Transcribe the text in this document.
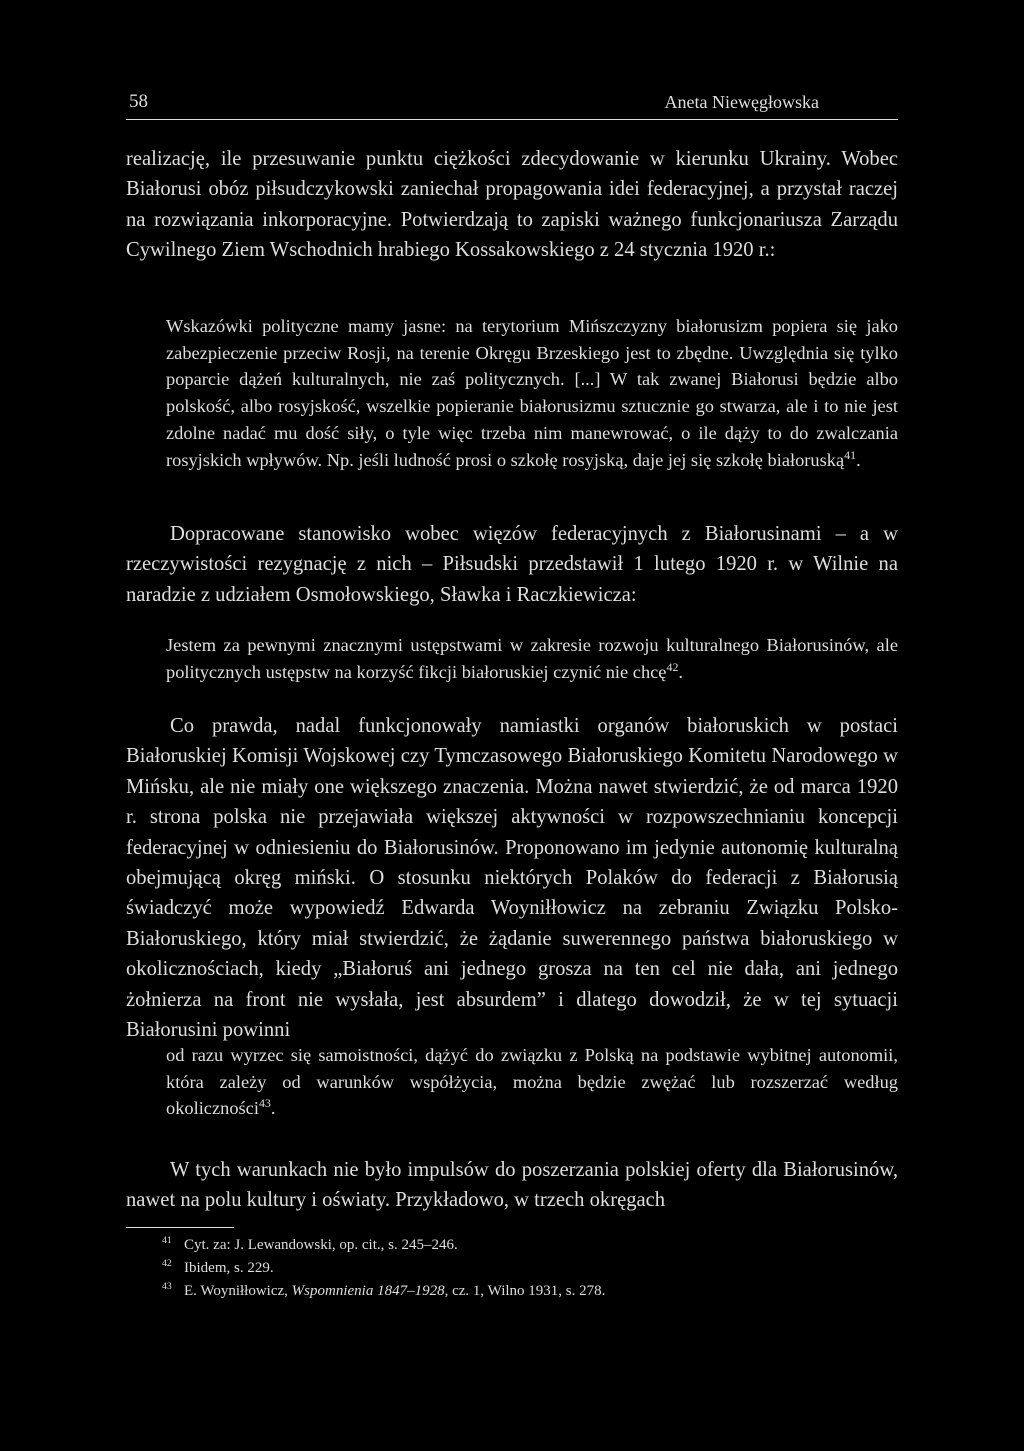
58	Aneta Niewęgłowska
realizację, ile przesuwanie punktu ciężkości zdecydowanie w kierunku Ukrainy. Wobec Białorusi obóz piłsudczykowski zaniechał propagowania idei federacyjnej, a przystał raczej na rozwiązania inkorporacyjne. Potwierdzają to zapiski ważnego funkcjonariusza Zarządu Cywilnego Ziem Wschodnich hrabiego Kossakowskiego z 24 stycznia 1920 r.:
Wskazówki polityczne mamy jasne: na terytorium Mińszczyzny białorusizm popiera się jako zabezpieczenie przeciw Rosji, na terenie Okręgu Brzeskiego jest to zbędne. Uwzględnia się tylko poparcie dążeń kulturalnych, nie zaś politycznych. [...] W tak zwanej Białorusi będzie albo polskość, albo rosyjskość, wszelkie popieranie białorusizmu sztucznie go stwarza, ale i to nie jest zdolne nadać mu dość siły, o tyle więc trzeba nim manewrować, o ile dąży to do zwalczania rosyjskich wpływów. Np. jeśli ludność prosi o szkołę rosyjską, daje jej się szkołę białoruską$^{41}$.
Dopracowane stanowisko wobec więzów federacyjnych z Białorusinami – a w rzeczywistości rezygnację z nich – Piłsudski przedstawił 1 lutego 1920 r. w Wilnie na naradzie z udziałem Osmołowskiego, Sławka i Raczkiewicza:
Jestem za pewnymi znacznymi ustępstwami w zakresie rozwoju kulturalnego Białorusinów, ale politycznych ustępstw na korzyść fikcji białoruskiej czynić nie chcę$^{42}$.
Co prawda, nadal funkcjonowały namiastki organów białoruskich w postaci Białoruskiej Komisji Wojskowej czy Tymczasowego Białoruskiego Komitetu Narodowego w Mińsku, ale nie miały one większego znaczenia. Można nawet stwierdzić, że od marca 1920 r. strona polska nie przejawiała większej aktywności w rozpowszechnianiu koncepcji federacyjnej w odniesieniu do Białorusinów. Proponowano im jedynie autonomię kulturalną obejmującą okręg miński. O stosunku niektórych Polaków do federacji z Białorusią świadczyć może wypowiedź Edwarda Woyniłłowicz na zebraniu Związku Polsko-Białoruskiego, który miał stwierdzić, że żądanie suwerennego państwa białoruskiego w okolicznościach, kiedy „Białoruś ani jednego grosza na ten cel nie dała, ani jednego żołnierza na front nie wysłała, jest absurdem” i dlatego dowodził, że w tej sytuacji Białorusini powinni
od razu wyrzec się samoistności, dążyć do związku z Polską na podstawie wybitnej autonomii, która zależy od warunków współżycia, można będzie zwężać lub rozszerzać według okoliczności$^{43}$.
W tych warunkach nie było impulsów do poszerzania polskiej oferty dla Białorusinów, nawet na polu kultury i oświaty. Przykładowo, w trzech okręgach
$^{41}$ Cyt. za: J. Lewandowski, op. cit., s. 245–246.
$^{42}$ Ibidem, s. 229.
$^{43}$ E. Woyniłłowicz, Wspomnienia 1847–1928, cz. 1, Wilno 1931, s. 278.
